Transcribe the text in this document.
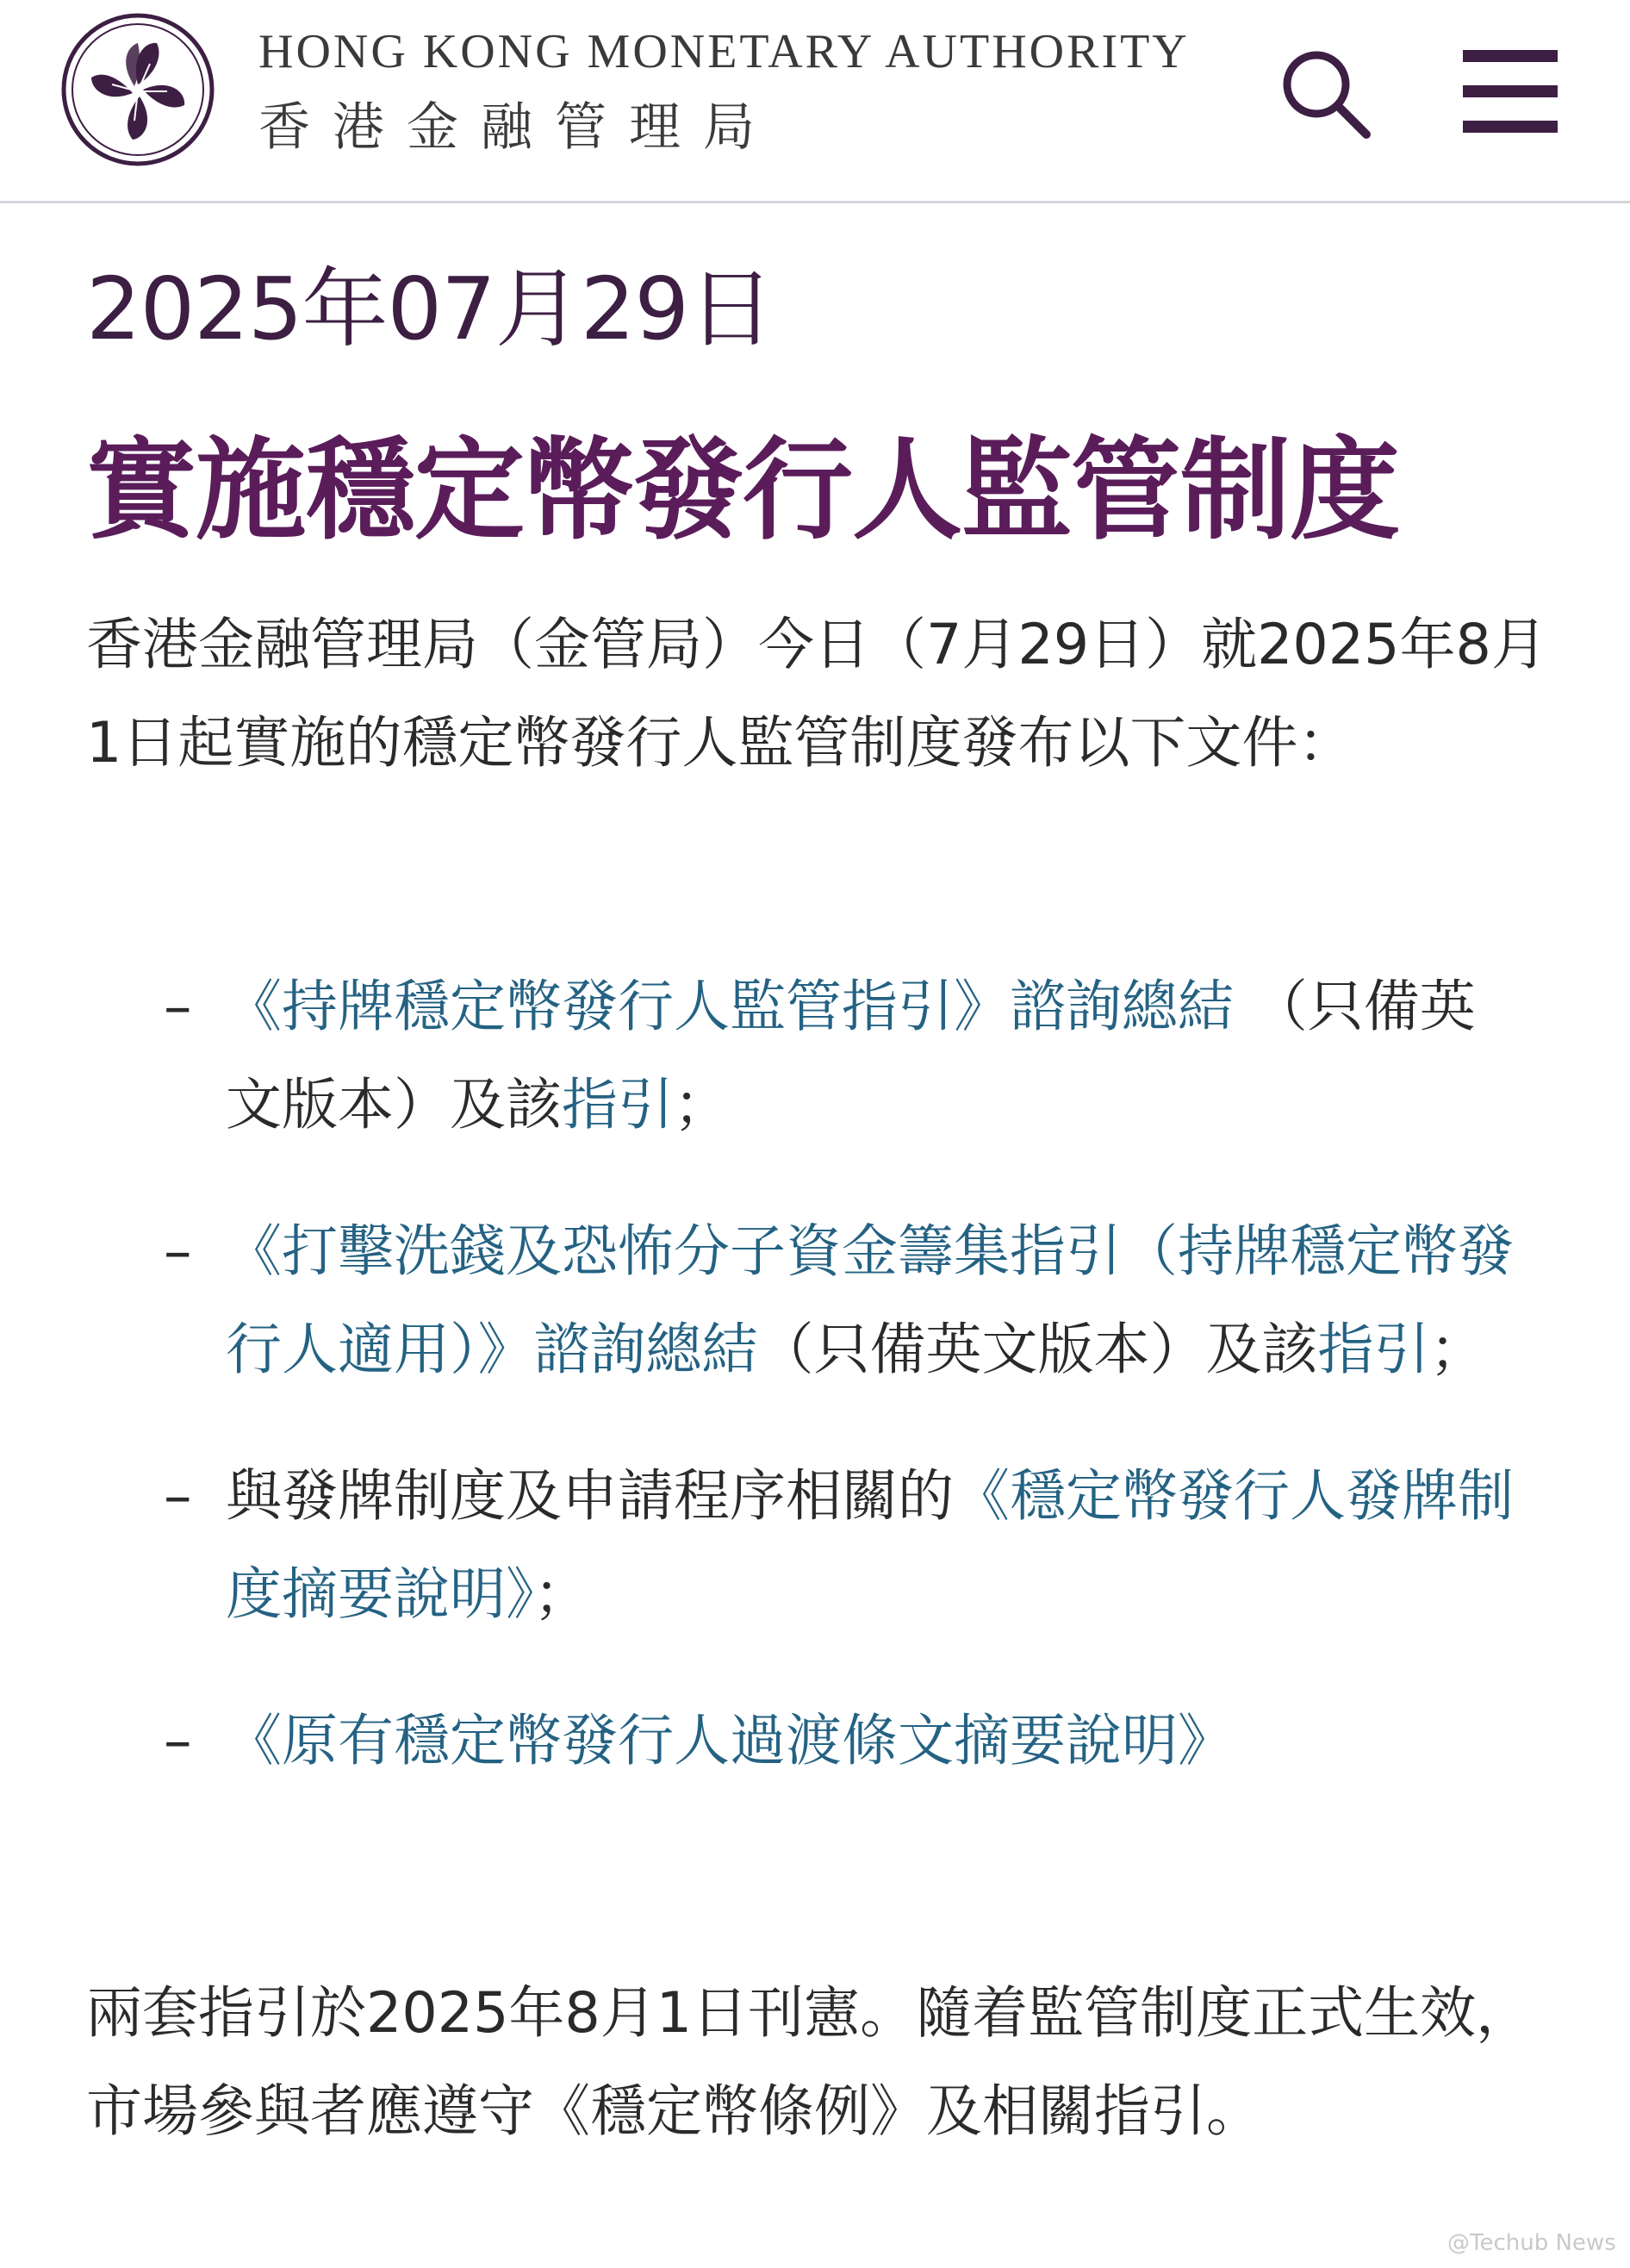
HONG KONG MONETARY AUTHORITY
香港金融管理局
2025年07月29日
實施穩定幣發行人監管制度

香港金融管理局（金管局）今日（7月29日）就2025年8月1日起實施的穩定幣發行人監管制度發布以下文件：

– 《持牌穩定幣發行人監管指引》諮詢總結 （只備英文版本）及該指引；
– 《打擊洗錢及恐怖分子資金籌集指引（持牌穩定幣發行人適用）》諮詢總結（只備英文版本）及該指引；
– 與發牌制度及申請程序相關的《穩定幣發行人發牌制度摘要說明》；
– 《原有穩定幣發行人過渡條文摘要說明》

兩套指引於2025年8月1日刊憲。隨着監管制度正式生效，市場參與者應遵守《穩定幣條例》及相關指引。

@Techub News
